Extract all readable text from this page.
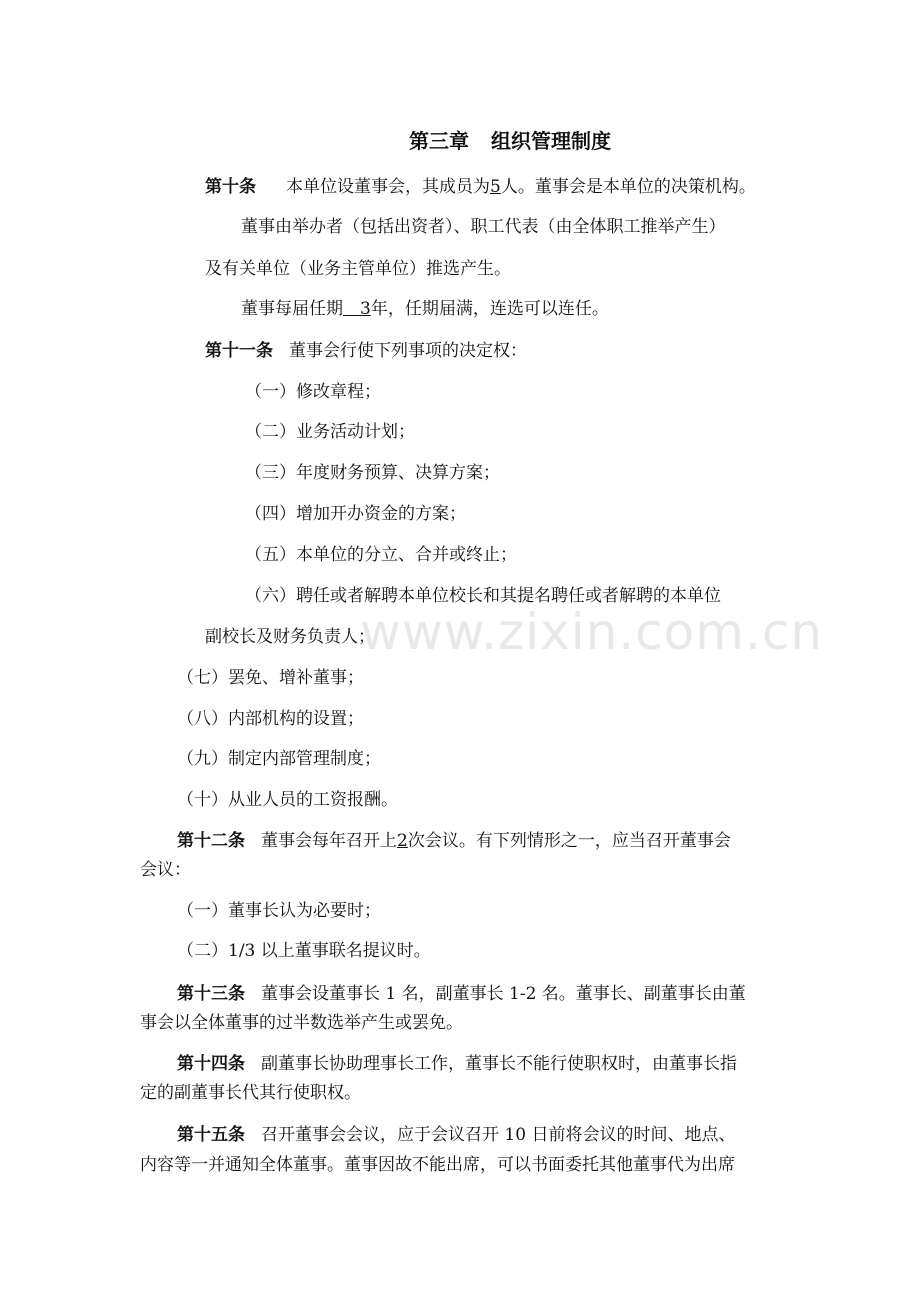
第三章 组织管理制度
第十条 本单位设董事会，其成员为5人。董事会是本单位的决策机构。
董事由举办者（包括出资者）、职工代表（由全体职工推举产生）
及有关单位（业务主管单位）推选产生。
董事每届任期　 3年，任期届满，连选可以连任。
第十一条 董事会行使下列事项的决定权：
（一）修改章程；
（二）业务活动计划；
（三）年度财务预算、决算方案；
（四）增加开办资金的方案；
（五）本单位的分立、合并或终止；
（六）聘任或者解聘本单位校长和其提名聘任或者解聘的本单位
副校长及财务负责人；
（七）罢免、增补董事；
（八）内部机构的设置；
（九）制定内部管理制度；
（十）从业人员的工资报酬。
第十二条 董事会每年召开上2次会议。有下列情形之一，应当召开董事会
会议：
（一）董事长认为必要时；
（二）1/3 以上董事联名提议时。
第十三条 董事会设董事长 1 名，副董事长 1-2 名。董事长、副董事长由董
事会以全体董事的过半数选举产生或罢免。
第十四条 副董事长协助理事长工作，董事长不能行使职权时，由董事长指
定的副董事长代其行使职权。
第十五条 召开董事会会议，应于会议召开 10 日前将会议的时间、地点、
内容等一并通知全体董事。董事因故不能出席，可以书面委托其他董事代为出席
www.zixin.com.cn
